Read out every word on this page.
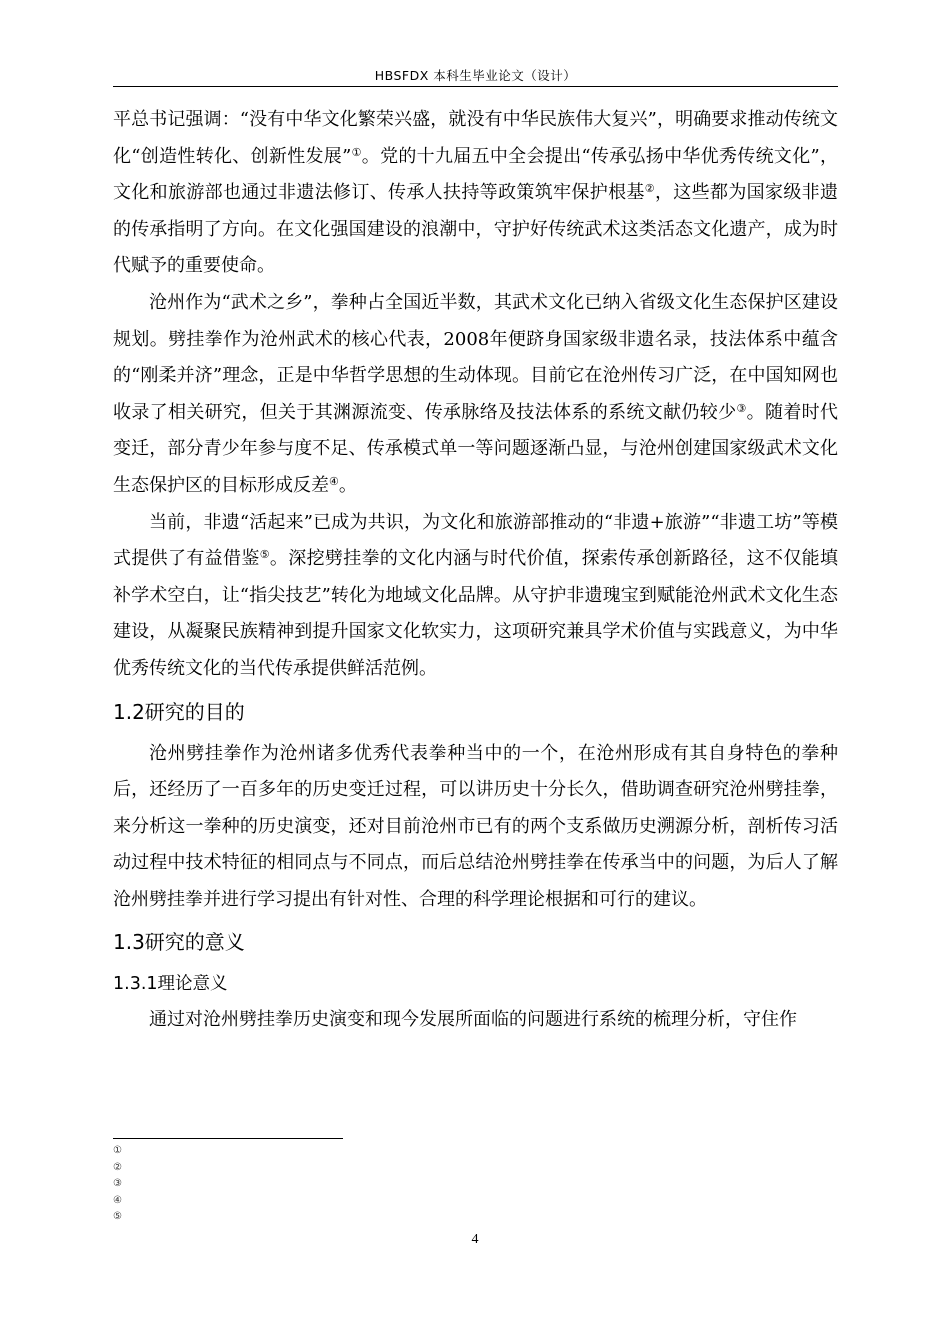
HBSFDX 本科生毕业论文（设计）

平总书记强调：“没有中华文化繁荣兴盛，就没有中华民族伟大复兴”，明确要求推动传统文化“创造性转化、创新性发展”①。党的十九届五中全会提出“传承弘扬中华优秀传统文化”，文化和旅游部也通过非遗法修订、传承人扶持等政策筑牢保护根基②，这些都为国家级非遗的传承指明了方向。在文化强国建设的浪潮中，守护好传统武术这类活态文化遗产，成为时代赋予的重要使命。

沧州作为“武术之乡”，拳种占全国近半数，其武术文化已纳入省级文化生态保护区建设规划。劈挂拳作为沧州武术的核心代表，2008年便跻身国家级非遗名录，技法体系中蕴含的“刚柔并济”理念，正是中华哲学思想的生动体现。目前它在沧州传习广泛，在中国知网也收录了相关研究，但关于其渊源流变、传承脉络及技法体系的系统文献仍较少③。随着时代变迁，部分青少年参与度不足、传承模式单一等问题逐渐凸显，与沧州创建国家级武术文化生态保护区的目标形成反差④。

当前，非遗“活起来”已成为共识，为文化和旅游部推动的“非遗+旅游”“非遗工坊”等模式提供了有益借鉴⑤。深挖劈挂拳的文化内涵与时代价值，探索传承创新路径，这不仅能填补学术空白，让“指尖技艺”转化为地域文化品牌。从守护非遗瑰宝到赋能沧州武术文化生态建设，从凝聚民族精神到提升国家文化软实力，这项研究兼具学术价值与实践意义，为中华优秀传统文化的当代传承提供鲜活范例。

1.2研究的目的

沧州劈挂拳作为沧州诸多优秀代表拳种当中的一个，在沧州形成有其自身特色的拳种后，还经历了一百多年的历史变迁过程，可以讲历史十分长久，借助调查研究沧州劈挂拳，来分析这一拳种的历史演变，还对目前沧州市已有的两个支系做历史溯源分析，剖析传习活动过程中技术特征的相同点与不同点，而后总结沧州劈挂拳在传承当中的问题，为后人了解沧州劈挂拳并进行学习提出有针对性、合理的科学理论根据和可行的建议。

1.3研究的意义
1.3.1理论意义

通过对沧州劈挂拳历史演变和现今发展所面临的问题进行系统的梳理分析，守住作

①
②
③
④
⑤
4
